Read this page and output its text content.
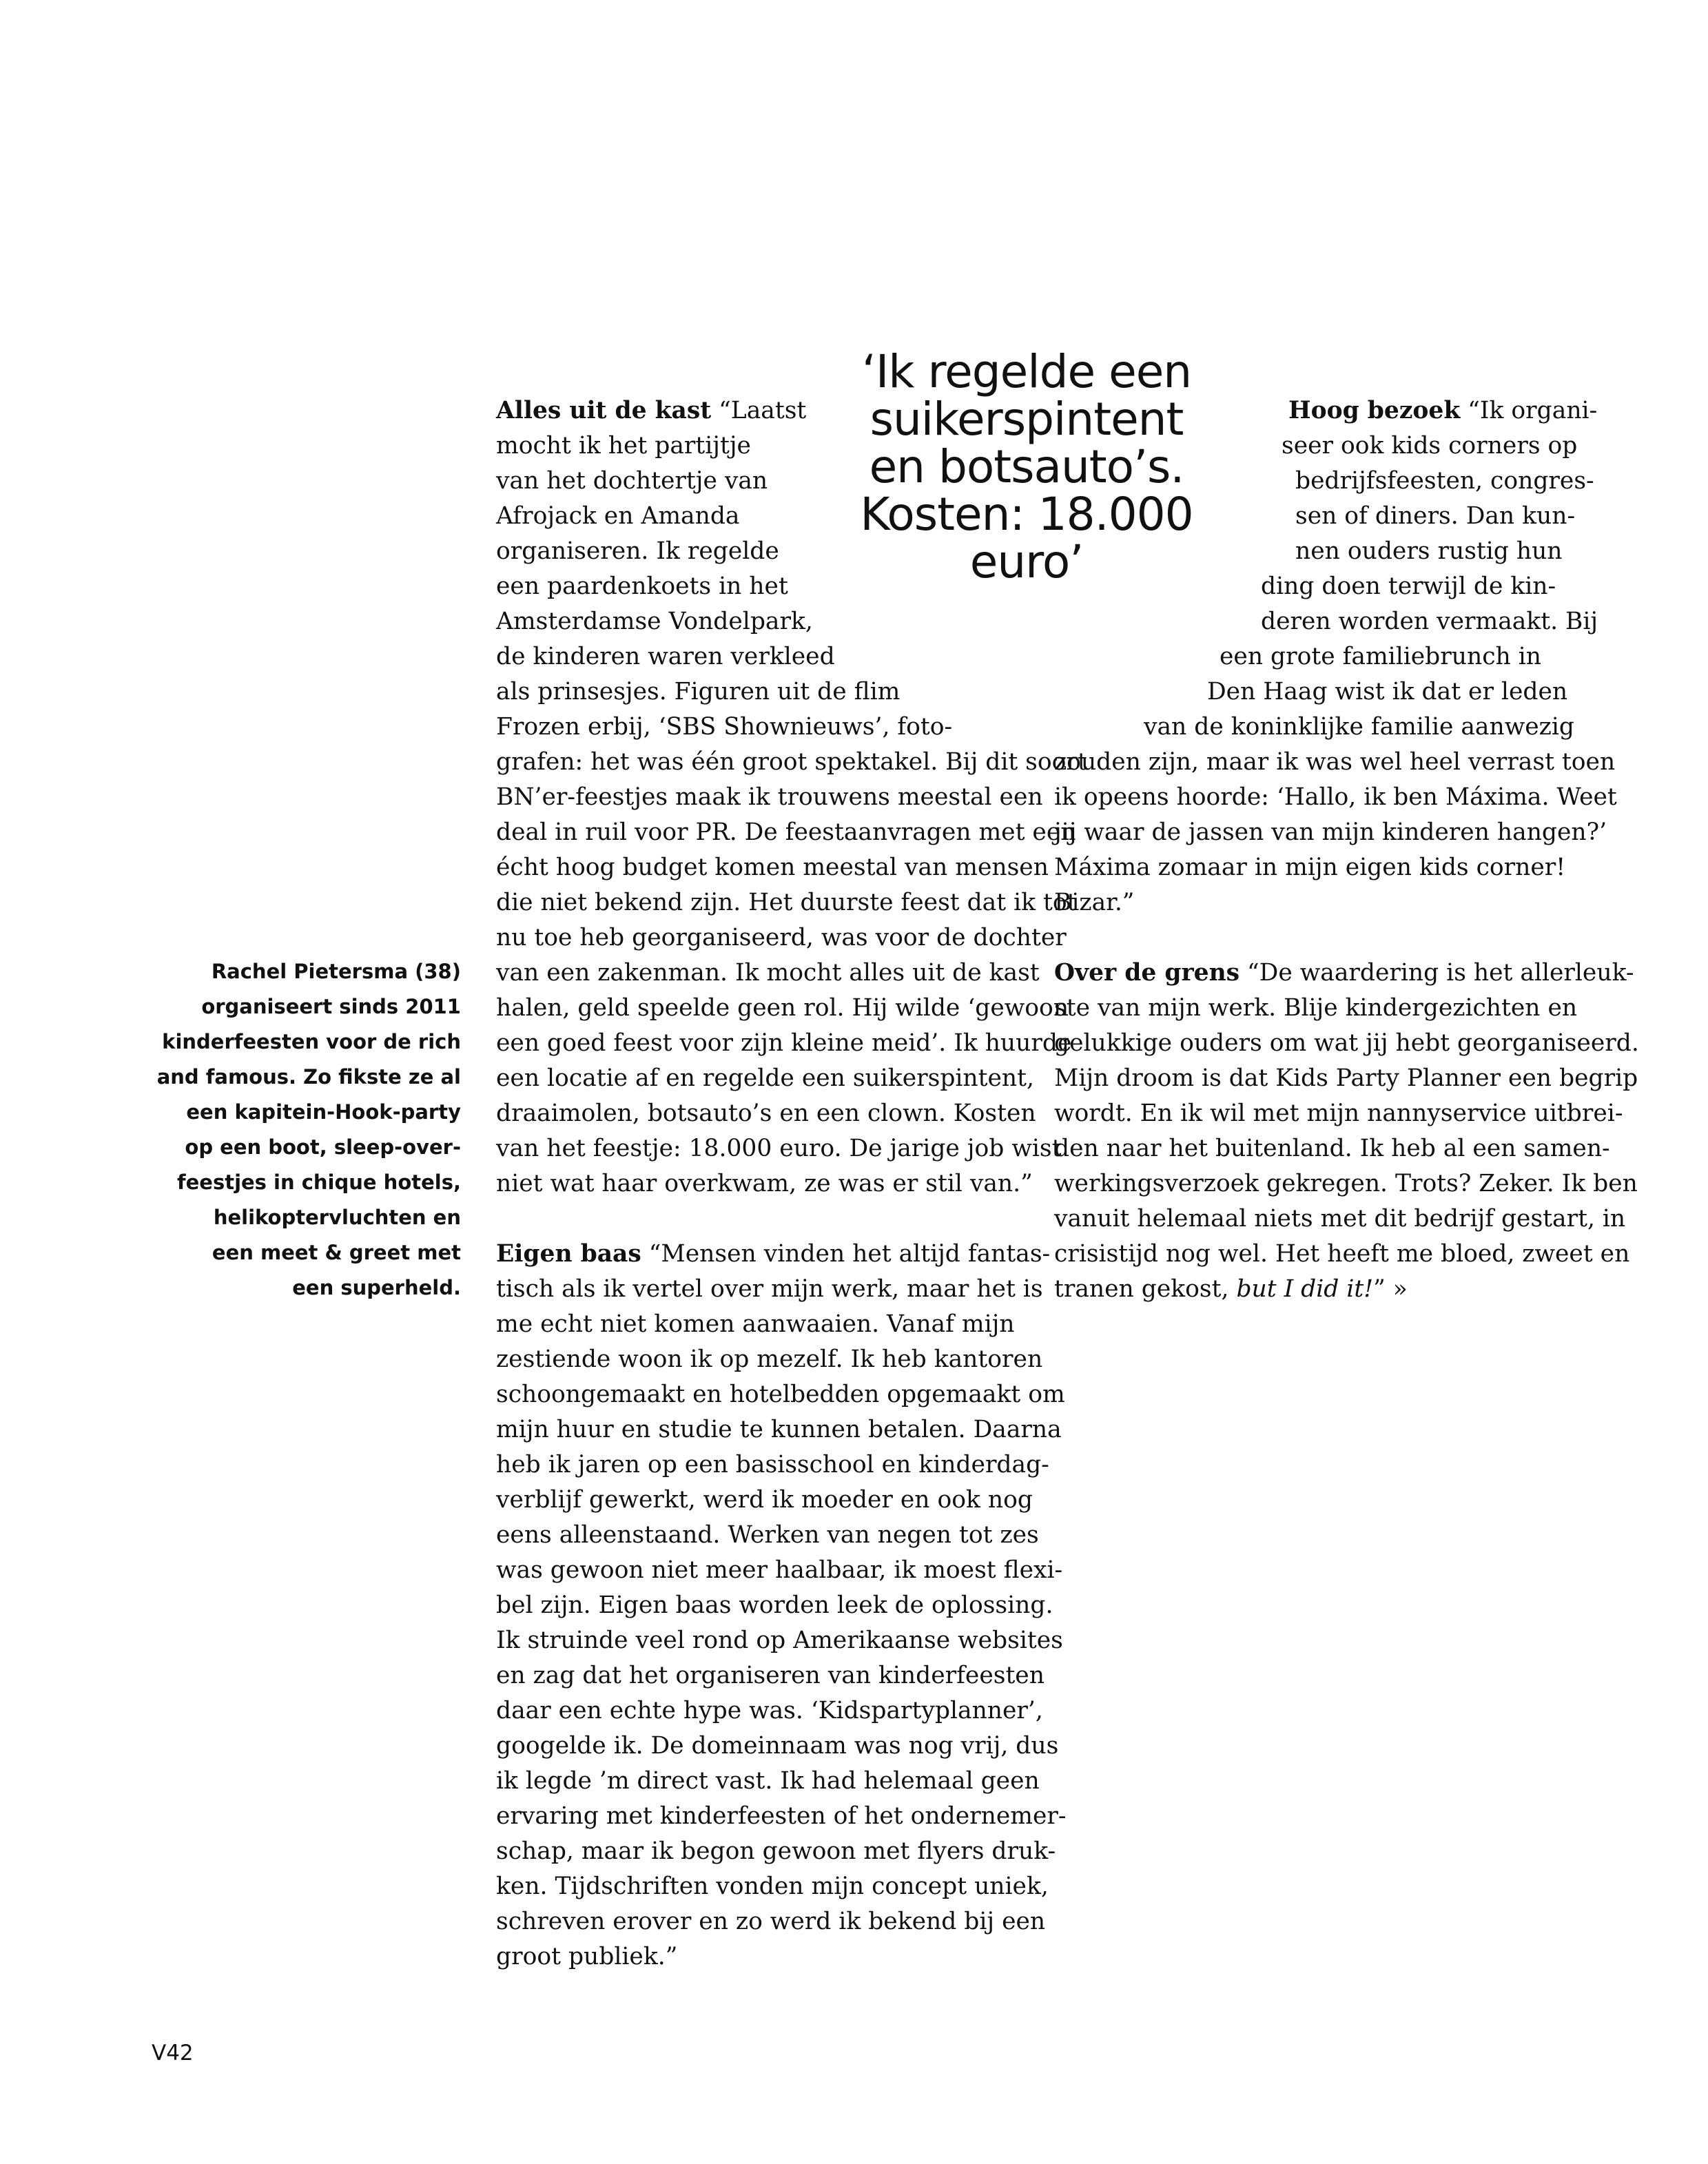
‘Ik regelde een
suikerspintent
en botsauto’s.
Kosten: 18.000
euro’
Rachel Pietersma (38)
organiseert sinds 2011
kinderfeesten voor de rich
and famous. Zo fikste ze al
een kapitein-Hook-party
op een boot, sleep-over-
feestjes in chique hotels,
helikoptervluchten en
een meet & greet met
een superheld.
Alles uit de kast “Laatst
mocht ik het partijtje
van het dochtertje van
Afrojack en Amanda
organiseren. Ik regelde
een paardenkoets in het
Amsterdamse Vondelpark,
de kinderen waren verkleed
als prinsesjes. Figuren uit de flim
Frozen erbij, ‘SBS Shownieuws’, foto-
grafen: het was één groot spektakel. Bij dit soort
BN’er-feestjes maak ik trouwens meestal een
deal in ruil voor PR. De feestaanvragen met een
écht hoog budget komen meestal van mensen
die niet bekend zijn. Het duurste feest dat ik tot
nu toe heb georganiseerd, was voor de dochter
van een zakenman. Ik mocht alles uit de kast
halen, geld speelde geen rol. Hij wilde ‘gewoon
een goed feest voor zijn kleine meid’. Ik huurde
een locatie af en regelde een suikerspintent,
draaimolen, botsauto’s en een clown. Kosten
van het feestje: 18.000 euro. De jarige job wist
niet wat haar overkwam, ze was er stil van.”
Eigen baas “Mensen vinden het altijd fantas-
tisch als ik vertel over mijn werk, maar het is
me echt niet komen aanwaaien. Vanaf mijn
zestiende woon ik op mezelf. Ik heb kantoren
schoongemaakt en hotelbedden opgemaakt om
mijn huur en studie te kunnen betalen. Daarna
heb ik jaren op een basisschool en kinderdag-
verblijf gewerkt, werd ik moeder en ook nog
eens alleenstaand. Werken van negen tot zes
was gewoon niet meer haalbaar, ik moest flexi-
bel zijn. Eigen baas worden leek de oplossing.
Ik struinde veel rond op Amerikaanse websites
en zag dat het organiseren van kinderfeesten
daar een echte hype was. ‘Kidspartyplanner’,
googelde ik. De domeinnaam was nog vrij, dus
ik legde ’m direct vast. Ik had helemaal geen
ervaring met kinderfeesten of het ondernemer-
schap, maar ik begon gewoon met flyers druk-
ken. Tijdschriften vonden mijn concept uniek,
schreven erover en zo werd ik bekend bij een
groot publiek.”
Hoog bezoek “Ik organi-
seer ook kids corners op
bedrijfsfeesten, congres-
sen of diners. Dan kun-
nen ouders rustig hun
ding doen terwijl de kin-
deren worden vermaakt. Bij
een grote familiebrunch in
Den Haag wist ik dat er leden
van de koninklijke familie aanwezig
zouden zijn, maar ik was wel heel verrast toen
ik opeens hoorde: ‘Hallo, ik ben Máxima. Weet
jij waar de jassen van mijn kinderen hangen?’
Máxima zomaar in mijn eigen kids corner!
Bizar.”
Over de grens “De waardering is het allerleuk-
ste van mijn werk. Blije kindergezichten en
gelukkige ouders om wat jij hebt georganiseerd.
Mijn droom is dat Kids Party Planner een begrip
wordt. En ik wil met mijn nannyservice uitbrei-
den naar het buitenland. Ik heb al een samen-
werkingsverzoek gekregen. Trots? Zeker. Ik ben
vanuit helemaal niets met dit bedrijf gestart, in
crisistijd nog wel. Het heeft me bloed, zweet en
tranen gekost, but I did it!” »
V42
